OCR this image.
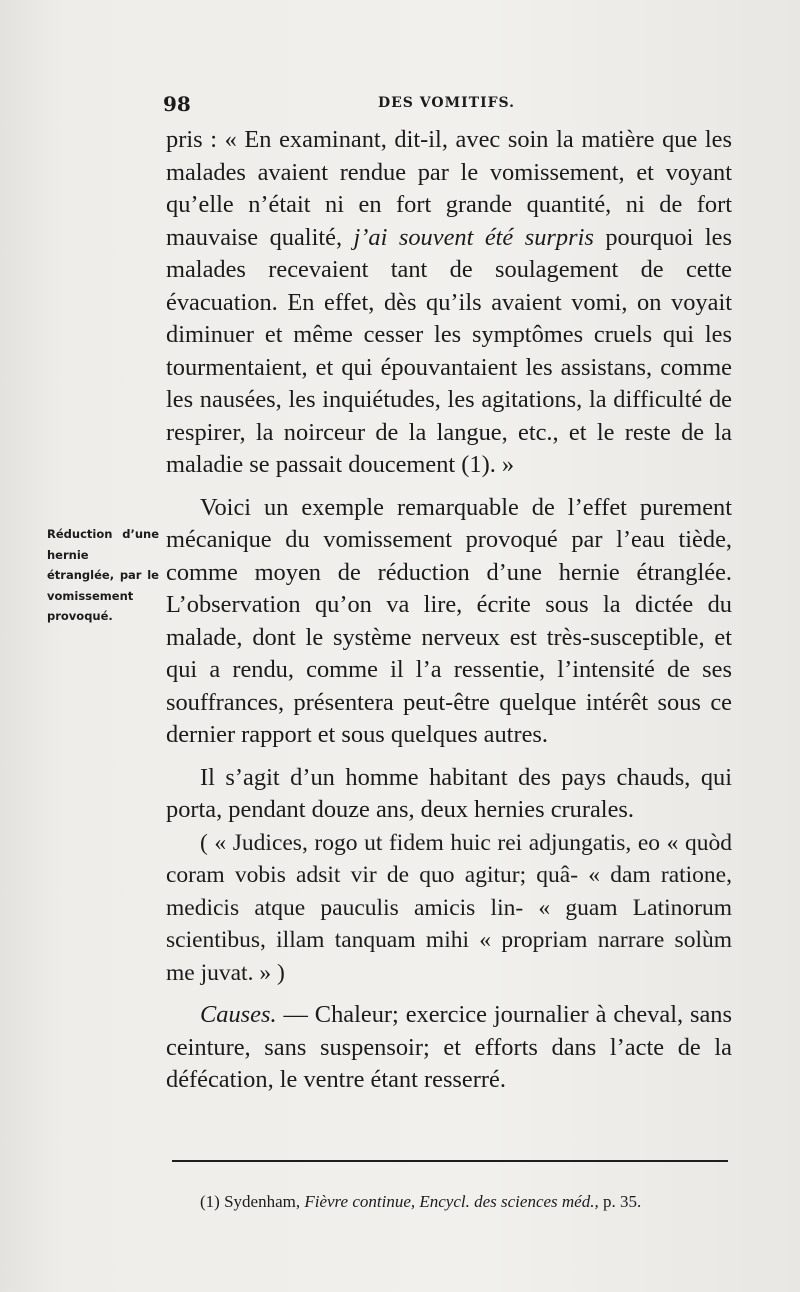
98	DES VOMITIFS.
Réduction d’une hernie étranglée, par le vomissement provoqué.

pris : « En examinant, dit-il, avec soin la matière que les malades avaient rendue par le vomissement, et voyant qu’elle n’était ni en fort grande quantité, ni de fort mauvaise qualité, j’ai souvent été surpris pourquoi les malades recevaient tant de soulagement de cette évacuation. En effet, dès qu’ils avaient vomi, on voyait diminuer et même cesser les symptômes cruels qui les tourmentaient, et qui épouvantaient les assistans, comme les nausées, les inquiétudes, les agitations, la difficulté de respirer, la noirceur de la langue, etc., et le reste de la maladie se passait doucement (1). »

Voici un exemple remarquable de l’effet purement mécanique du vomissement provoqué par l’eau tiède, comme moyen de réduction d’une hernie étranglée. L’observation qu’on va lire, écrite sous la dictée du malade, dont le système nerveux est très-susceptible, et qui a rendu, comme il l’a ressentie, l’intensité de ses souffrances, présentera peut-être quelque intérêt sous ce dernier rapport et sous quelques autres.

Il s’agit d’un homme habitant des pays chauds, qui porta, pendant douze ans, deux hernies crurales.

( « Judices, rogo ut fidem huic rei adjungatis, eo « quòd coram vobis adsit vir de quo agitur; quâ- « dam ratione, medicis atque pauculis amicis lin- « guam Latinorum scientibus, illam tanquam mihi « propriam narrare solùm me juvat. » )

Causes. — Chaleur; exercice journalier à cheval, sans ceinture, sans suspensoir; et efforts dans l’acte de la défécation, le ventre étant resserré.

(1) Sydenham, Fièvre continue, Encycl. des sciences méd., p. 35.
